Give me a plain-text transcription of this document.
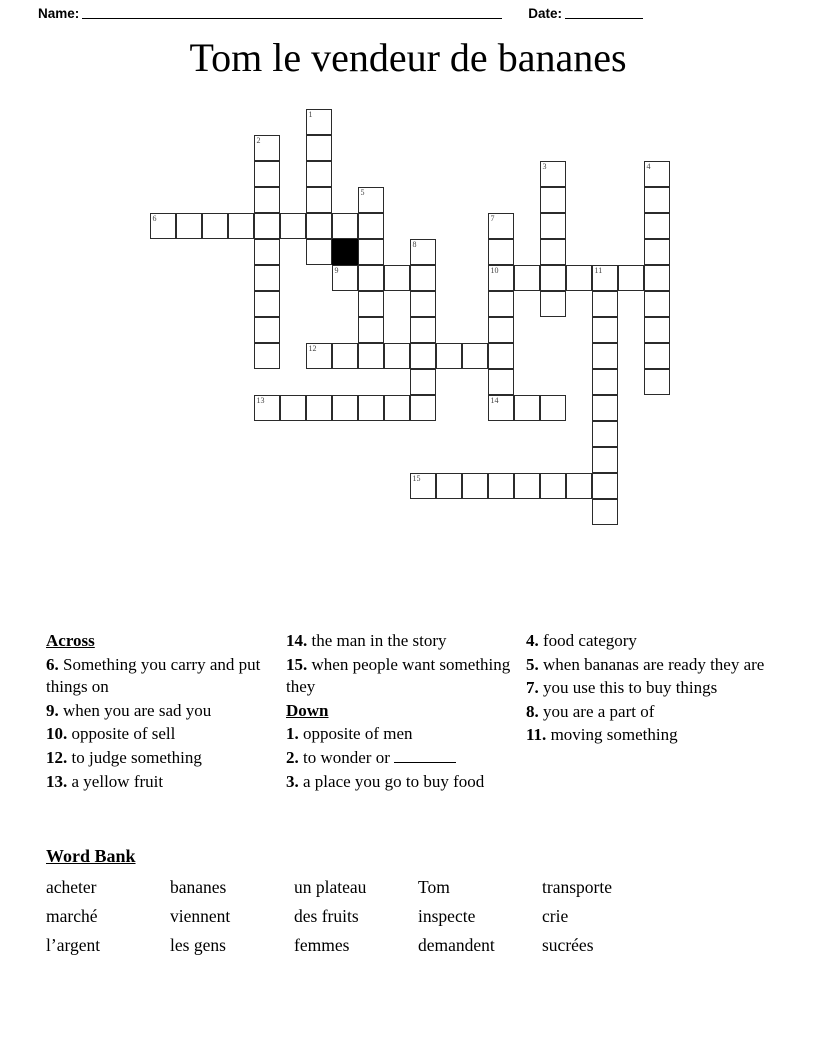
Name:	Date:
Tom le vendeur de bananes
1
2
3	4
5
6	7
8
9	10	11
12
13	14
15
Across
6. Something you carry and put things on
9. when you are sad you
10. opposite of sell
12. to judge something
13. a yellow fruit
14. the man in the story
15. when people want something they
Down
1. opposite of men
2. to wonder or
3. a place you go to buy food
4. food category
5. when bananas are ready they are
7. you use this to buy things
8. you are a part of
11. moving something
Word Bank
acheter	bananes	un plateau	Tom	transporte
marché	viennent	des fruits	inspecte	crie
l’argent	les gens	femmes	demandent	sucrées
